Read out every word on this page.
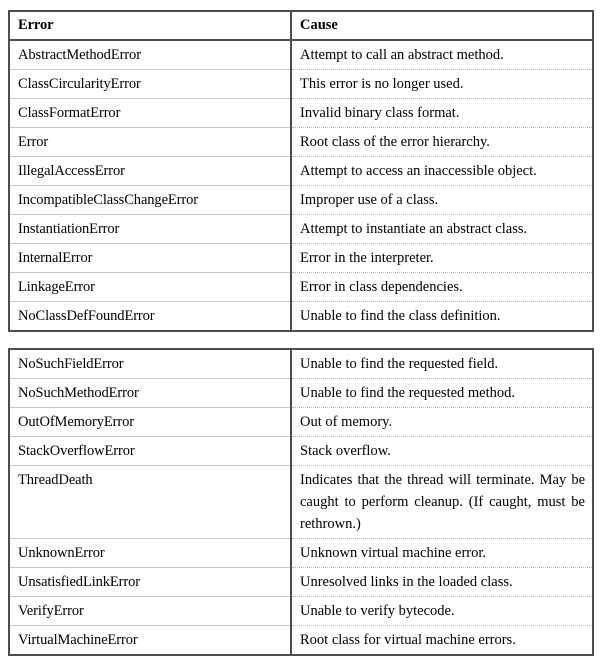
Error	Cause
AbstractMethodError	Attempt to call an abstract method.
ClassCircularityError	This error is no longer used.
ClassFormatError	Invalid binary class format.
Error	Root class of the error hierarchy.
IllegalAccessError	Attempt to access an inaccessible object.
IncompatibleClassChangeError	Improper use of a class.
InstantiationError	Attempt to instantiate an abstract class.
InternalError	Error in the interpreter.
LinkageError	Error in class dependencies.
NoClassDefFoundError	Unable to find the class definition.
NoSuchFieldError	Unable to find the requested field.
NoSuchMethodError	Unable to find the requested method.
OutOfMemoryError	Out of memory.
StackOverflowError	Stack overflow.
ThreadDeath	Indicates that the thread will terminate. May be caught to perform cleanup. (If caught, must be rethrown.)
UnknownError	Unknown virtual machine error.
UnsatisfiedLinkError	Unresolved links in the loaded class.
VerifyError	Unable to verify bytecode.
VirtualMachineError	Root class for virtual machine errors.
